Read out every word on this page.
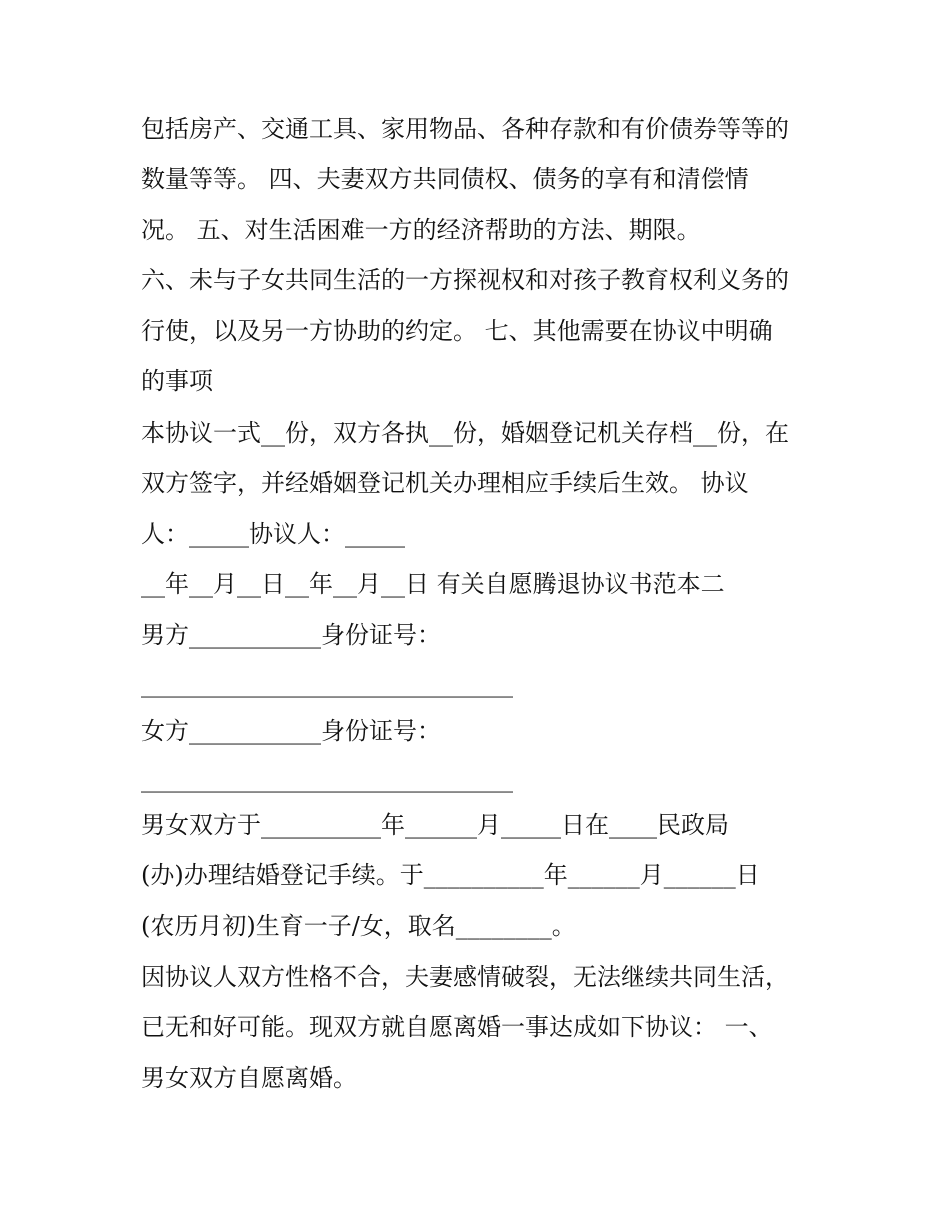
包括房产、交通工具、家用物品、各种存款和有价债券等等的
数量等等。 四、夫妻双方共同债权、债务的享有和清偿情
况。 五、对生活困难一方的经济帮助的方法、期限。
六、未与子女共同生活的一方探视权和对孩子教育权利义务的
行使，以及另一方协助的约定。 七、其他需要在协议中明确
的事项
本协议一式__份，双方各执__份，婚姻登记机关存档__份，在
双方签字，并经婚姻登记机关办理相应手续后生效。 协议
人：_____协议人：_____
__年__月__日__年__月__日 有关自愿腾退协议书范本二
男方___________身份证号：
_______________________________
女方___________身份证号：
_______________________________
男女双方于__________年______月_____日在____民政局
(办)办理结婚登记手续。于__________年______月______日
(农历月初)生育一子/女，取名________。
因协议人双方性格不合，夫妻感情破裂，无法继续共同生活，
已无和好可能。现双方就自愿离婚一事达成如下协议： 一、
男女双方自愿离婚。
